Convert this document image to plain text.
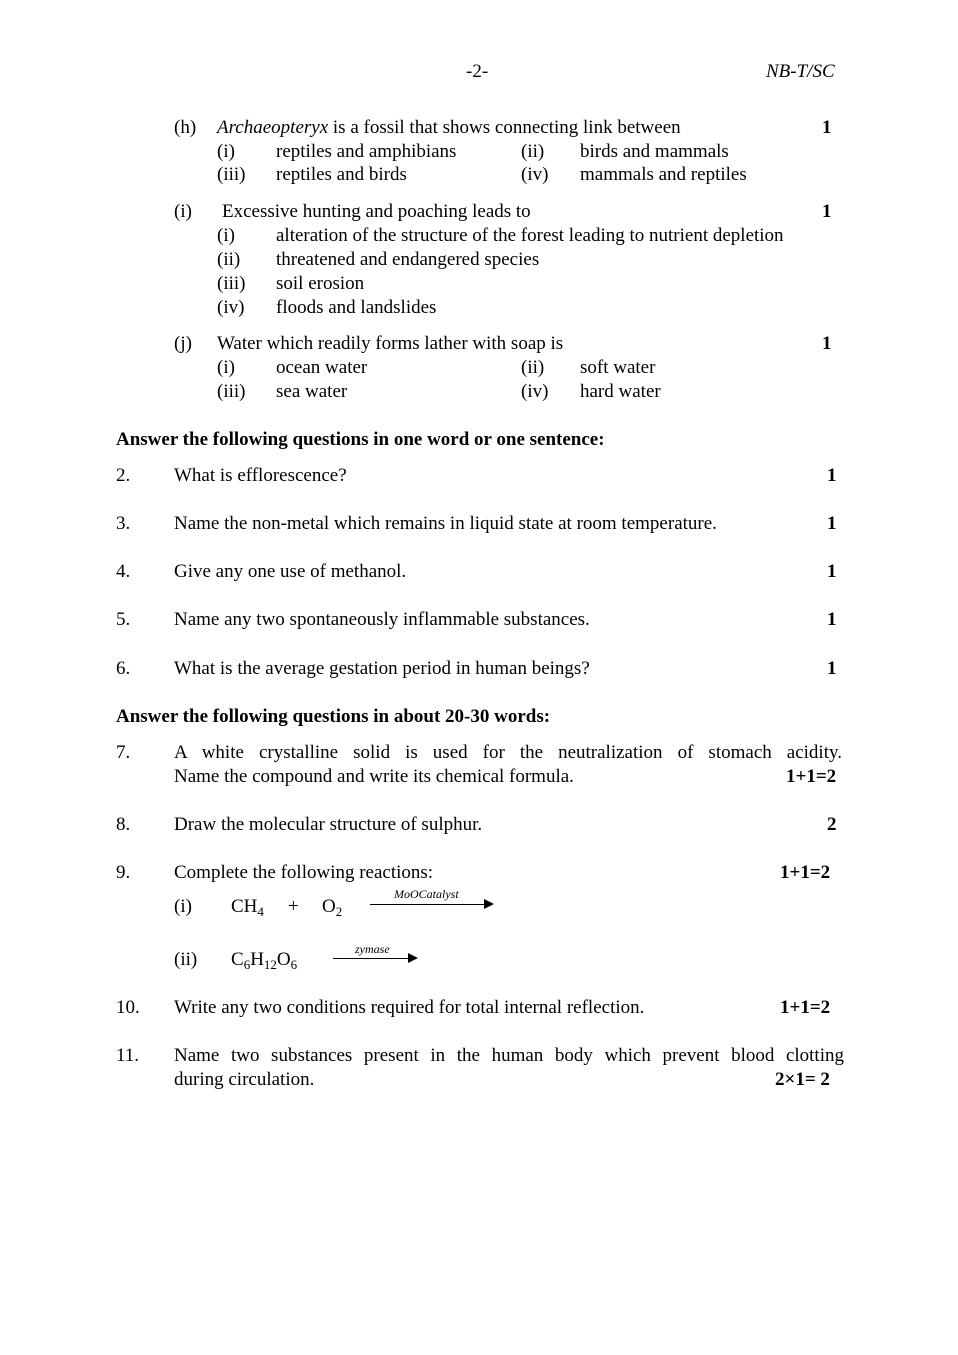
-2-	NB-T/SC
(h) Archaeopteryx is a fossil that shows connecting link between	1
(i) reptiles and amphibians	(ii) birds and mammals
(iii) reptiles and birds	(iv) mammals and reptiles
(i) Excessive hunting and poaching leads to	1
(i) alteration of the structure of the forest leading to nutrient depletion
(ii) threatened and endangered species
(iii) soil erosion
(iv) floods and landslides
(j) Water which readily forms lather with soap is	1
(i) ocean water	(ii) soft water
(iii) sea water	(iv) hard water
Answer the following questions in one word or one sentence:
2. What is efflorescence?	1
3. Name the non-metal which remains in liquid state at room temperature.	1
4. Give any one use of methanol.	1
5. Name any two spontaneously inflammable substances.	1
6. What is the average gestation period in human beings?	1
Answer the following questions in about 20-30 words:
7. A white crystalline solid is used for the neutralization of stomach acidity.
Name the compound and write its chemical formula.	1+1=2
8. Draw the molecular structure of sulphur.	2
9. Complete the following reactions:	1+1=2
(i) $CH_4 + O_2$
MoOCatalyst
(ii) $C_6H_{12}O_6$
zymase
10. Write any two conditions required for total internal reflection.	1+1=2
11. Name two substances present in the human body which prevent blood clotting
during circulation.	2×1= 2
